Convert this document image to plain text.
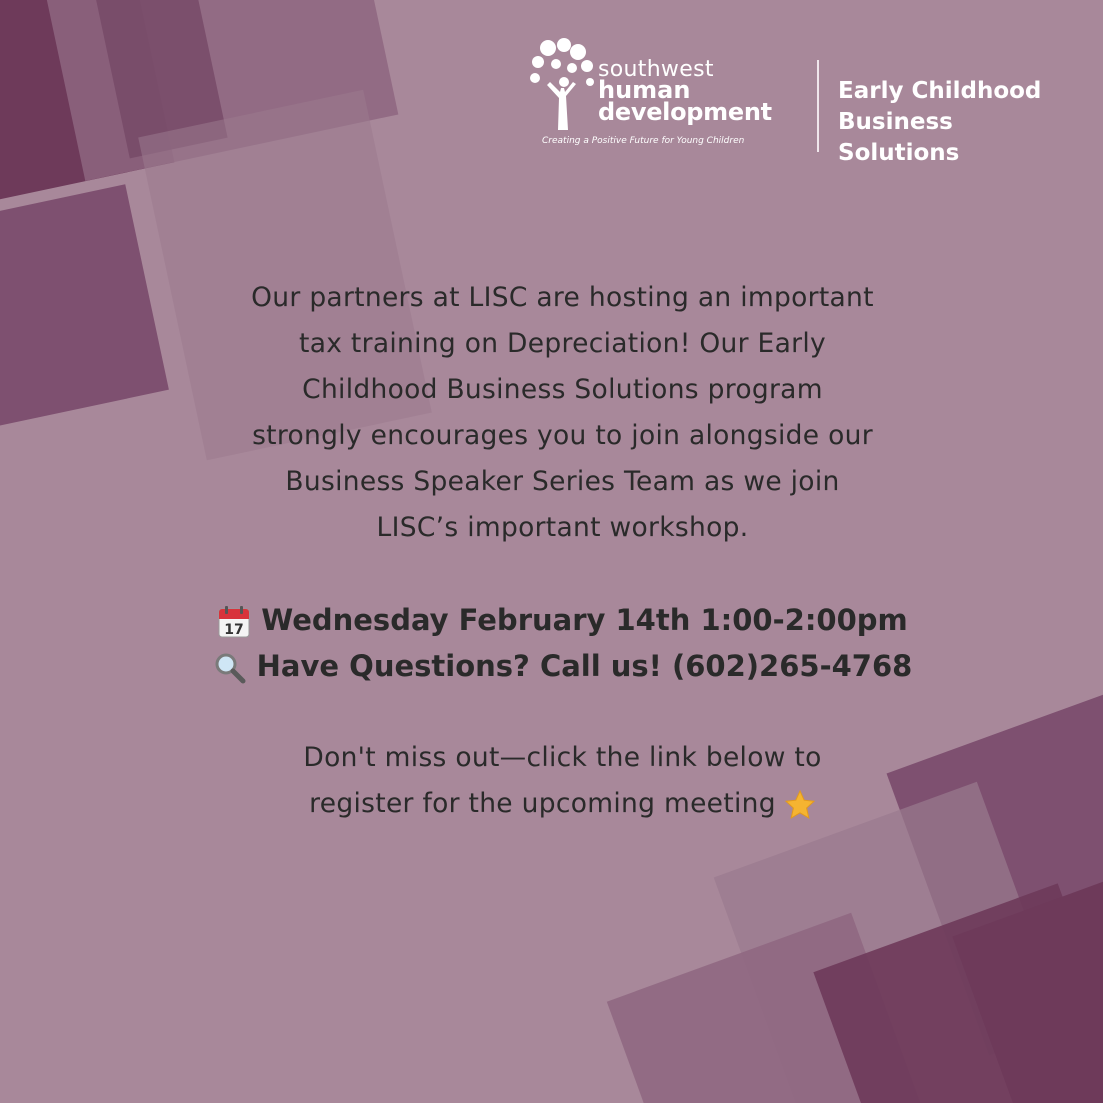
southwest
human
development
Creating a Positive Future for Young Children
Early Childhood
Business Solutions
Our partners at LISC are hosting an important
tax training on Depreciation! Our Early
Childhood Business Solutions program
strongly encourages you to join alongside our
Business Speaker Series Team as we join
LISC’s important workshop.
17 Wednesday February 14th 1:00-2:00pm
Have Questions? Call us! (602)265-4768
Don't miss out—click the link below to
register for the upcoming meeting
